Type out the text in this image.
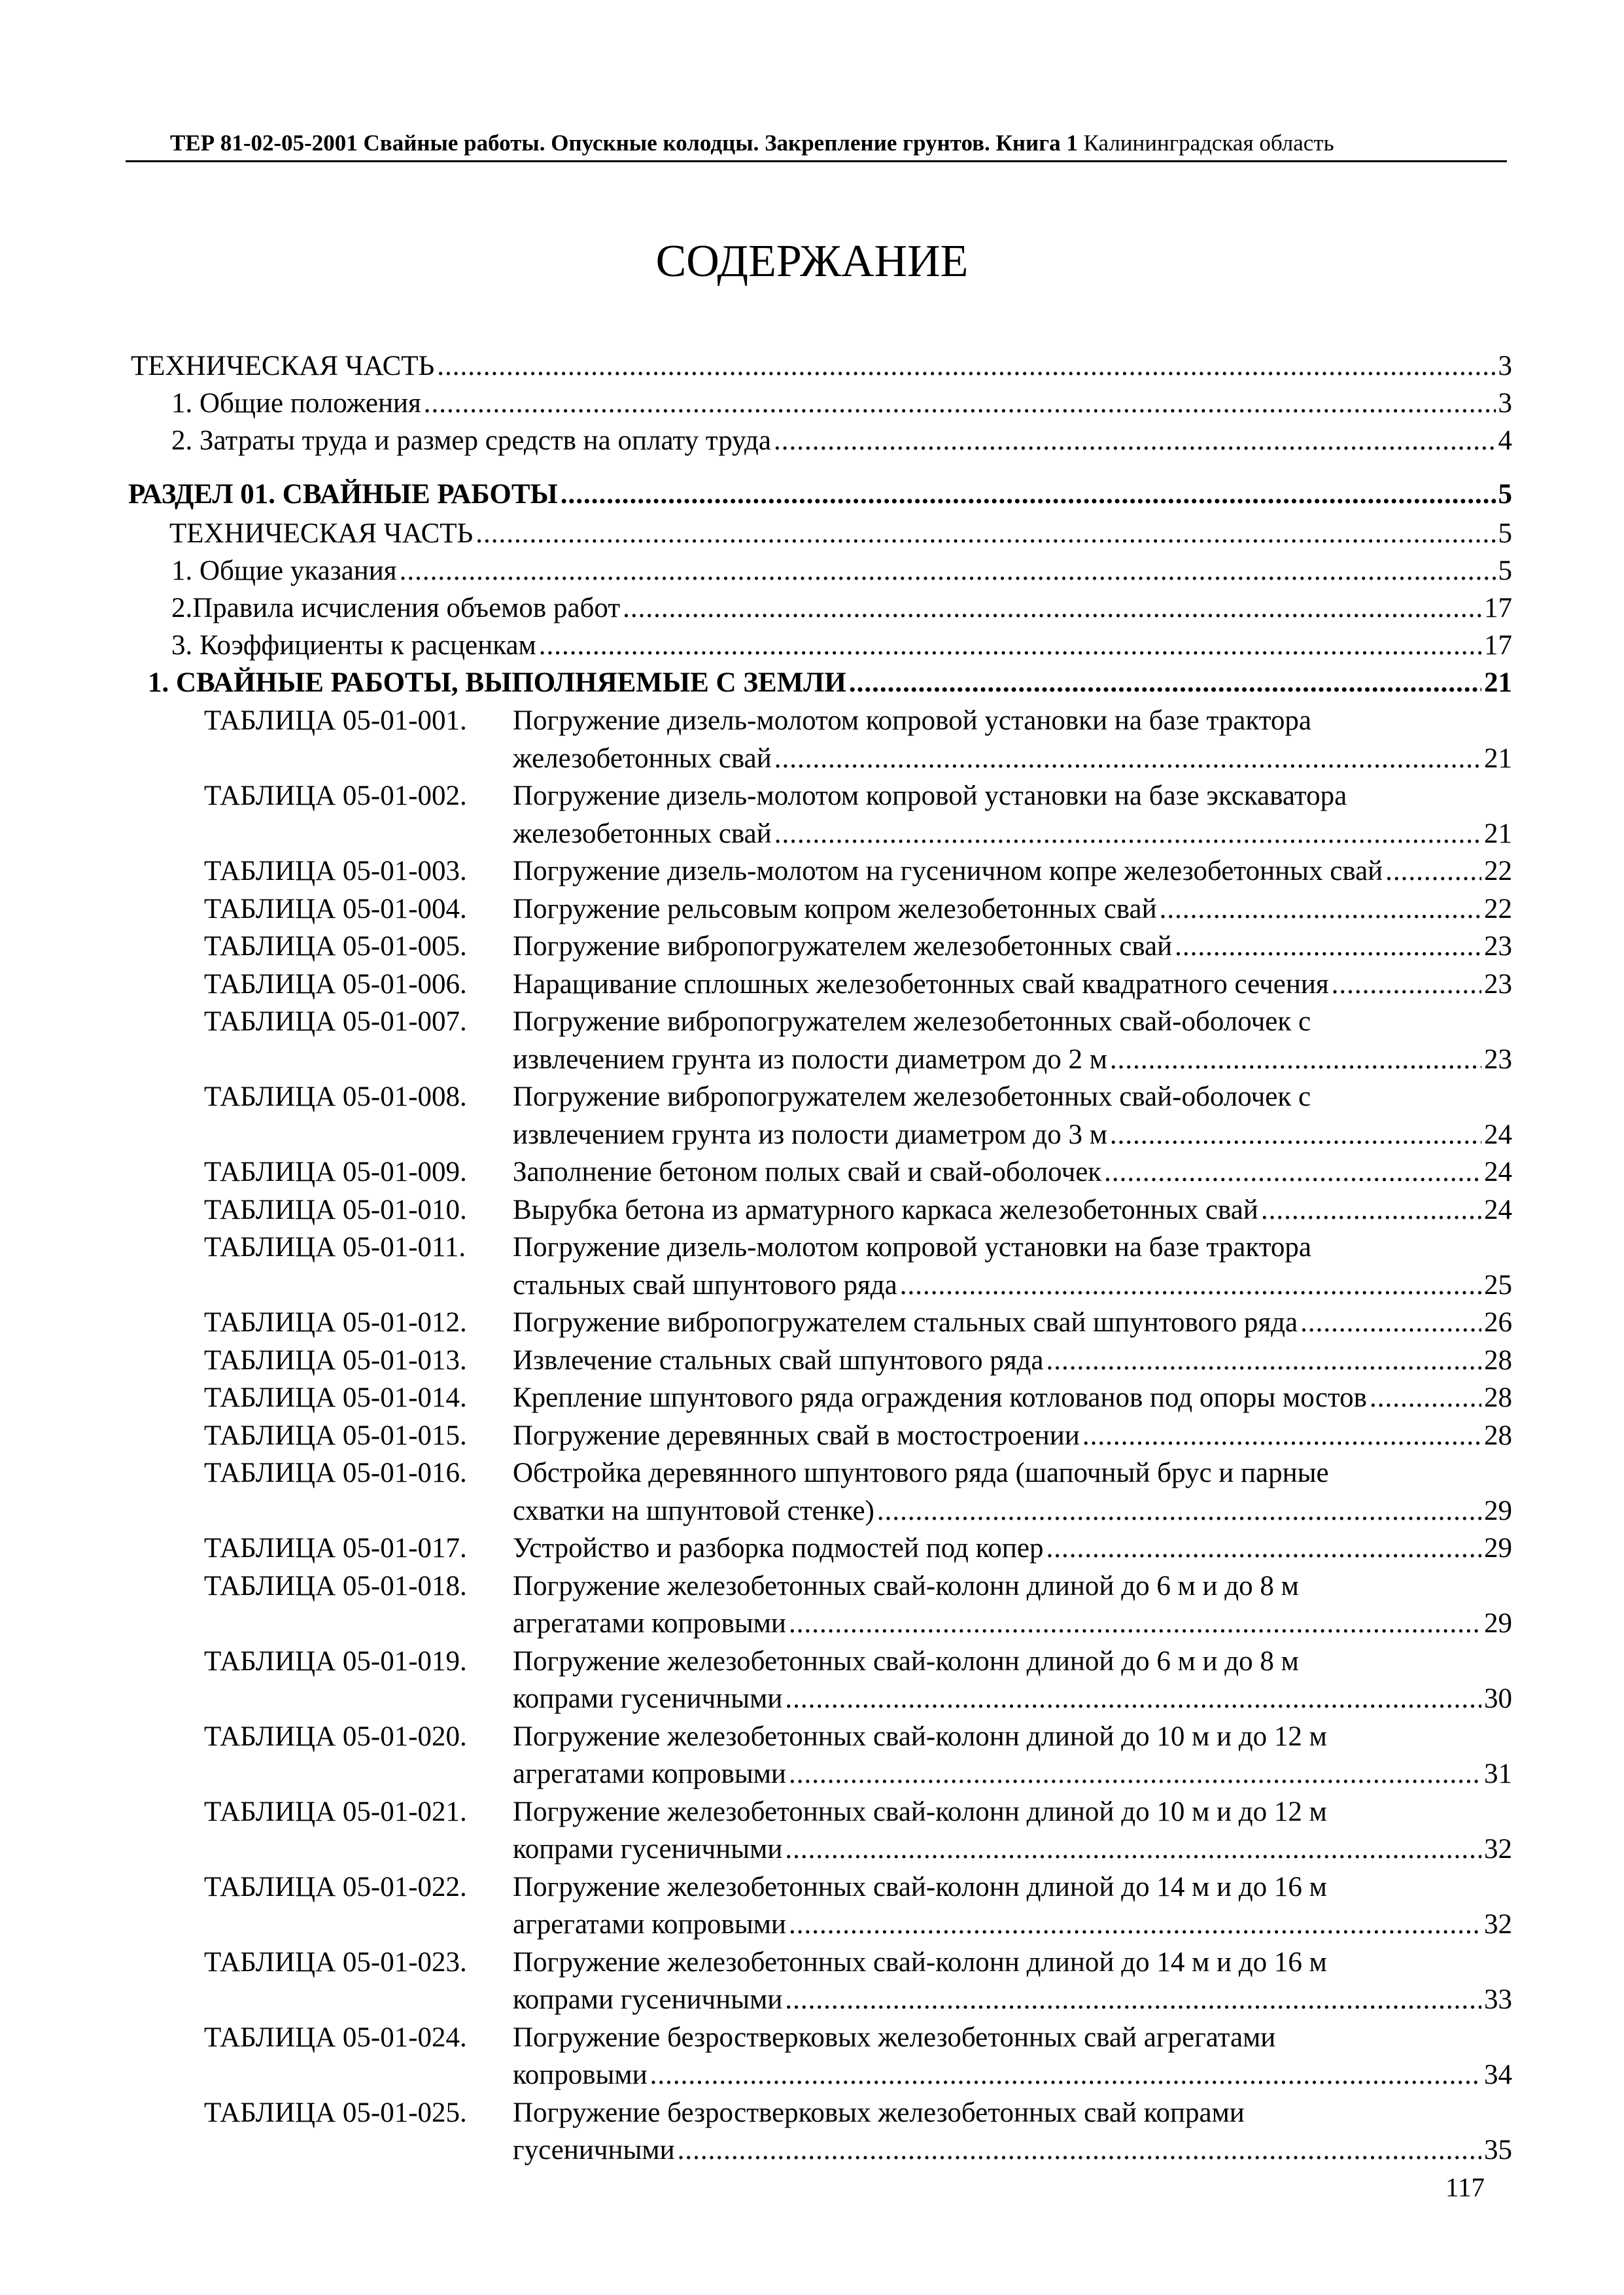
ТЕР 81-02-05-2001 Свайные работы. Опускные колодцы. Закрепление грунтов. Книга 1 Калининградская область
СОДЕРЖАНИЕ
ТЕХНИЧЕСКАЯ ЧАСТЬ .....	3
1. Общие положения .....	3
2. Затраты труда и размер средств на оплату труда .....	4
РАЗДЕЛ 01. СВАЙНЫЕ РАБОТЫ .....	5
ТЕХНИЧЕСКАЯ ЧАСТЬ .....	5
1. Общие указания .....	5
2.Правила исчисления объемов работ .....	17
3. Коэффициенты к расценкам .....	17
1. СВАЙНЫЕ РАБОТЫ, ВЫПОЛНЯЕМЫЕ С ЗЕМЛИ .....	21
ТАБЛИЦА 05-01-001. Погружение дизель-молотом копровой установки на базе трактора
железобетонных свай .....	21
ТАБЛИЦА 05-01-002. Погружение дизель-молотом копровой установки на базе экскаватора
железобетонных свай .....	21
ТАБЛИЦА 05-01-003. Погружение дизель-молотом на гусеничном копре железобетонных свай .....	22
ТАБЛИЦА 05-01-004. Погружение рельсовым копром железобетонных свай .....	22
ТАБЛИЦА 05-01-005. Погружение вибропогружателем железобетонных свай .....	23
ТАБЛИЦА 05-01-006. Наращивание сплошных железобетонных свай квадратного сечения .....	23
ТАБЛИЦА 05-01-007. Погружение вибропогружателем железобетонных свай-оболочек с
извлечением грунта из полости диаметром до 2 м .....	23
ТАБЛИЦА 05-01-008. Погружение вибропогружателем железобетонных свай-оболочек с
извлечением грунта из полости диаметром до 3 м .....	24
ТАБЛИЦА 05-01-009. Заполнение бетоном полых свай и свай-оболочек .....	24
ТАБЛИЦА 05-01-010. Вырубка бетона из арматурного каркаса железобетонных свай .....	24
ТАБЛИЦА 05-01-011. Погружение дизель-молотом копровой установки на базе трактора
стальных свай шпунтового ряда .....	25
ТАБЛИЦА 05-01-012. Погружение вибропогружателем стальных свай шпунтового ряда .....	26
ТАБЛИЦА 05-01-013. Извлечение стальных свай шпунтового ряда .....	28
ТАБЛИЦА 05-01-014. Крепление шпунтового ряда ограждения котлованов под опоры мостов .....	28
ТАБЛИЦА 05-01-015. Погружение деревянных свай в мостостроении .....	28
ТАБЛИЦА 05-01-016. Обстройка деревянного шпунтового ряда (шапочный брус и парные
схватки на шпунтовой стенке) .....	29
ТАБЛИЦА 05-01-017. Устройство и разборка подмостей под копер .....	29
ТАБЛИЦА 05-01-018. Погружение железобетонных свай-колонн длиной до 6 м и до 8 м
агрегатами копровыми .....	29
ТАБЛИЦА 05-01-019. Погружение железобетонных свай-колонн длиной до 6 м и до 8 м
копрами гусеничными .....	30
ТАБЛИЦА 05-01-020. Погружение железобетонных свай-колонн длиной до 10 м и до 12 м
агрегатами копровыми .....	31
ТАБЛИЦА 05-01-021. Погружение железобетонных свай-колонн длиной до 10 м и до 12 м
копрами гусеничными .....	32
ТАБЛИЦА 05-01-022. Погружение железобетонных свай-колонн длиной до 14 м и до 16 м
агрегатами копровыми .....	32
ТАБЛИЦА 05-01-023. Погружение железобетонных свай-колонн длиной до 14 м и до 16 м
копрами гусеничными .....	33
ТАБЛИЦА 05-01-024. Погружение безростверковых железобетонных свай агрегатами
копровыми .....	34
ТАБЛИЦА 05-01-025. Погружение безростверковых железобетонных свай копрами
гусеничными .....	35
117
